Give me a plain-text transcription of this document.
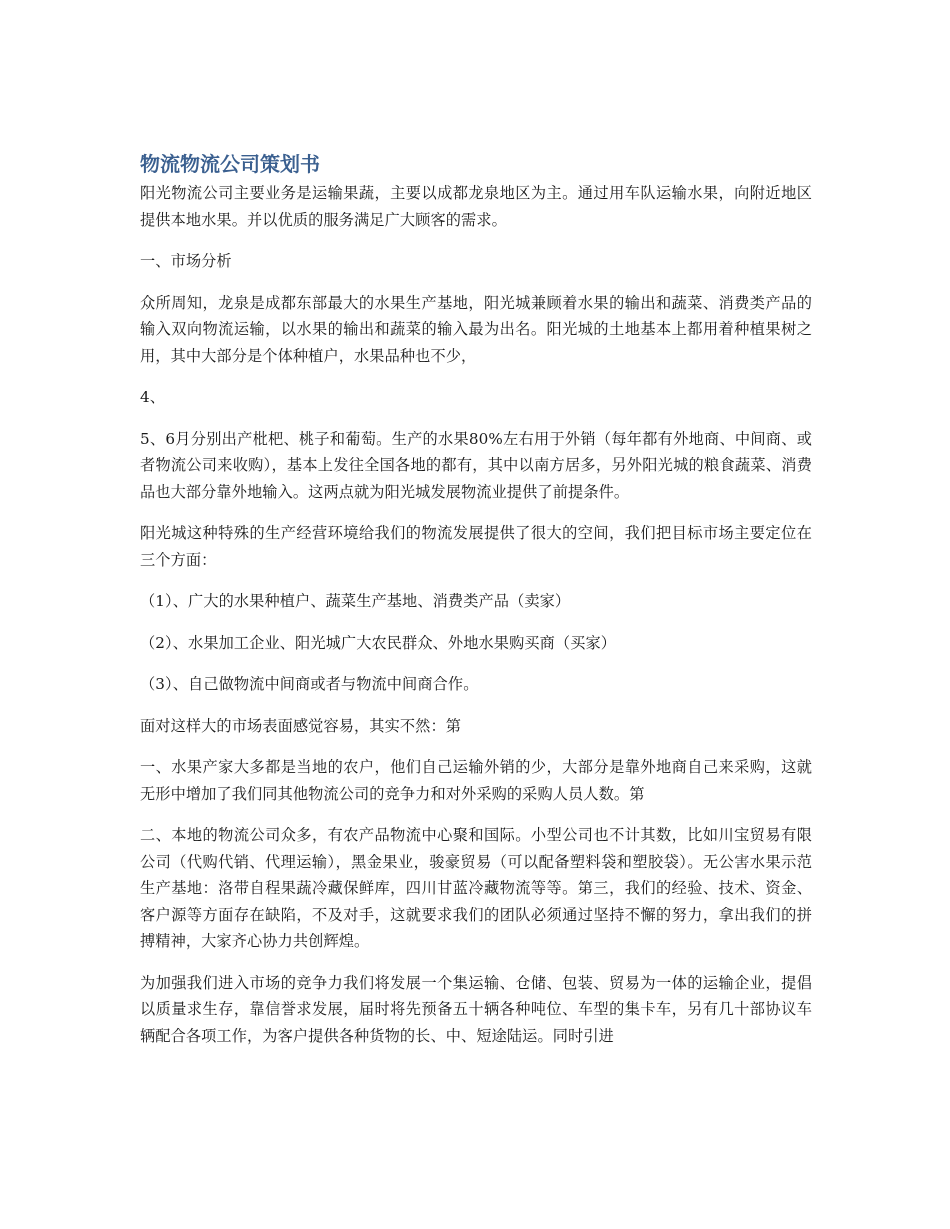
物流物流公司策划书

阳光物流公司主要业务是运输果蔬，主要以成都龙泉地区为主。通过用车队运输水果，向附近地区提供本地水果。并以优质的服务满足广大顾客的需求。

一、市场分析

众所周知，龙泉是成都东部最大的水果生产基地，阳光城兼顾着水果的输出和蔬菜、消费类产品的输入双向物流运输，以水果的输出和蔬菜的输入最为出名。阳光城的土地基本上都用着种植果树之用，其中大部分是个体种植户，水果品种也不少，

4、

5、6月分别出产枇杷、桃子和葡萄。生产的水果80%左右用于外销（每年都有外地商、中间商、或者物流公司来收购），基本上发往全国各地的都有，其中以南方居多，另外阳光城的粮食蔬菜、消费品也大部分靠外地输入。这两点就为阳光城发展物流业提供了前提条件。

阳光城这种特殊的生产经营环境给我们的物流发展提供了很大的空间，我们把目标市场主要定位在三个方面：

（1）、广大的水果种植户、蔬菜生产基地、消费类产品（卖家）

（2）、水果加工企业、阳光城广大农民群众、外地水果购买商（买家）

（3）、自己做物流中间商或者与物流中间商合作。

面对这样大的市场表面感觉容易，其实不然：第

一、水果产家大多都是当地的农户，他们自己运输外销的少，大部分是靠外地商自己来采购，这就无形中增加了我们同其他物流公司的竞争力和对外采购的采购人员人数。第

二、本地的物流公司众多，有农产品物流中心聚和国际。小型公司也不计其数，比如川宝贸易有限公司（代购代销、代理运输），黑金果业，骏豪贸易（可以配备塑料袋和塑胶袋）。无公害水果示范生产基地：洛带自程果蔬冷藏保鲜库，四川甘蓝冷藏物流等等。第三，我们的经验、技术、资金、客户源等方面存在缺陷，不及对手，这就要求我们的团队必须通过坚持不懈的努力，拿出我们的拼搏精神，大家齐心协力共创辉煌。

为加强我们进入市场的竞争力我们将发展一个集运输、仓储、包装、贸易为一体的运输企业，提倡以质量求生存，靠信誉求发展，届时将先预备五十辆各种吨位、车型的集卡车，另有几十部协议车辆配合各项工作，为客户提供各种货物的长、中、短途陆运。同时引进
